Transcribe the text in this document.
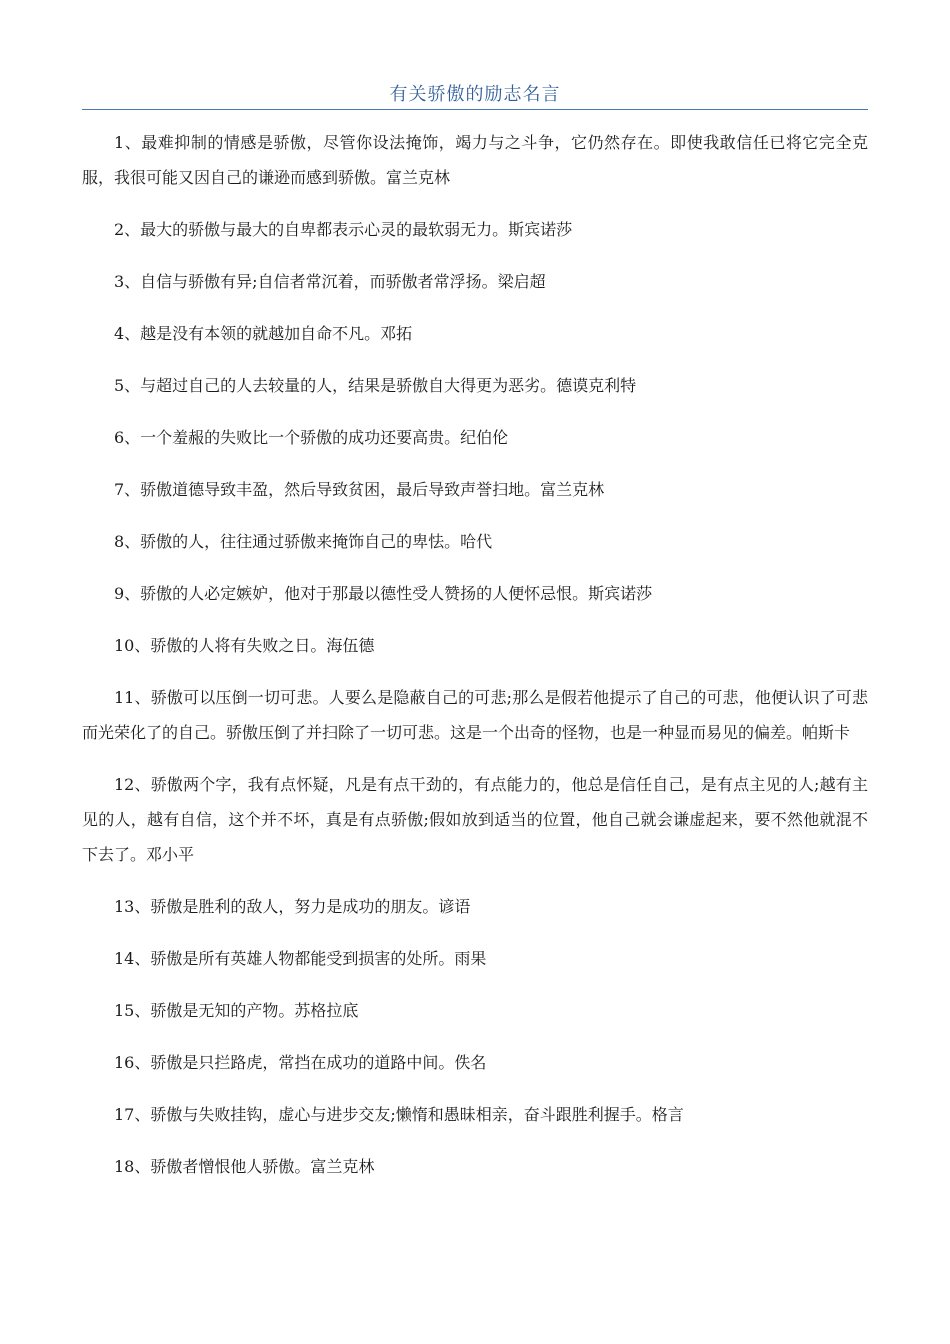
有关骄傲的励志名言

1、最难抑制的情感是骄傲，尽管你设法掩饰，竭力与之斗争，它仍然存在。即使我敢信任已将它完全克服，我很可能又因自己的谦逊而感到骄傲。富兰克林

2、最大的骄傲与最大的自卑都表示心灵的最软弱无力。斯宾诺莎

3、自信与骄傲有异;自信者常沉着，而骄傲者常浮扬。梁启超

4、越是没有本领的就越加自命不凡。邓拓

5、与超过自己的人去较量的人，结果是骄傲自大得更为恶劣。德谟克利特

6、一个羞赧的失败比一个骄傲的成功还要高贵。纪伯伦

7、骄傲道德导致丰盈，然后导致贫困，最后导致声誉扫地。富兰克林

8、骄傲的人，往往通过骄傲来掩饰自己的卑怯。哈代

9、骄傲的人必定嫉妒，他对于那最以德性受人赞扬的人便怀忌恨。斯宾诺莎

10、骄傲的人将有失败之日。海伍德

11、骄傲可以压倒一切可悲。人要么是隐蔽自己的可悲;那么是假若他提示了自己的可悲，他便认识了可悲而光荣化了的自己。骄傲压倒了并扫除了一切可悲。这是一个出奇的怪物，也是一种显而易见的偏差。帕斯卡

12、骄傲两个字，我有点怀疑，凡是有点干劲的，有点能力的，他总是信任自己，是有点主见的人;越有主见的人，越有自信，这个并不坏，真是有点骄傲;假如放到适当的位置，他自己就会谦虚起来，要不然他就混不下去了。邓小平

13、骄傲是胜利的敌人，努力是成功的朋友。谚语

14、骄傲是所有英雄人物都能受到损害的处所。雨果

15、骄傲是无知的产物。苏格拉底

16、骄傲是只拦路虎，常挡在成功的道路中间。佚名

17、骄傲与失败挂钩，虚心与进步交友;懒惰和愚昧相亲，奋斗跟胜利握手。格言

18、骄傲者憎恨他人骄傲。富兰克林
